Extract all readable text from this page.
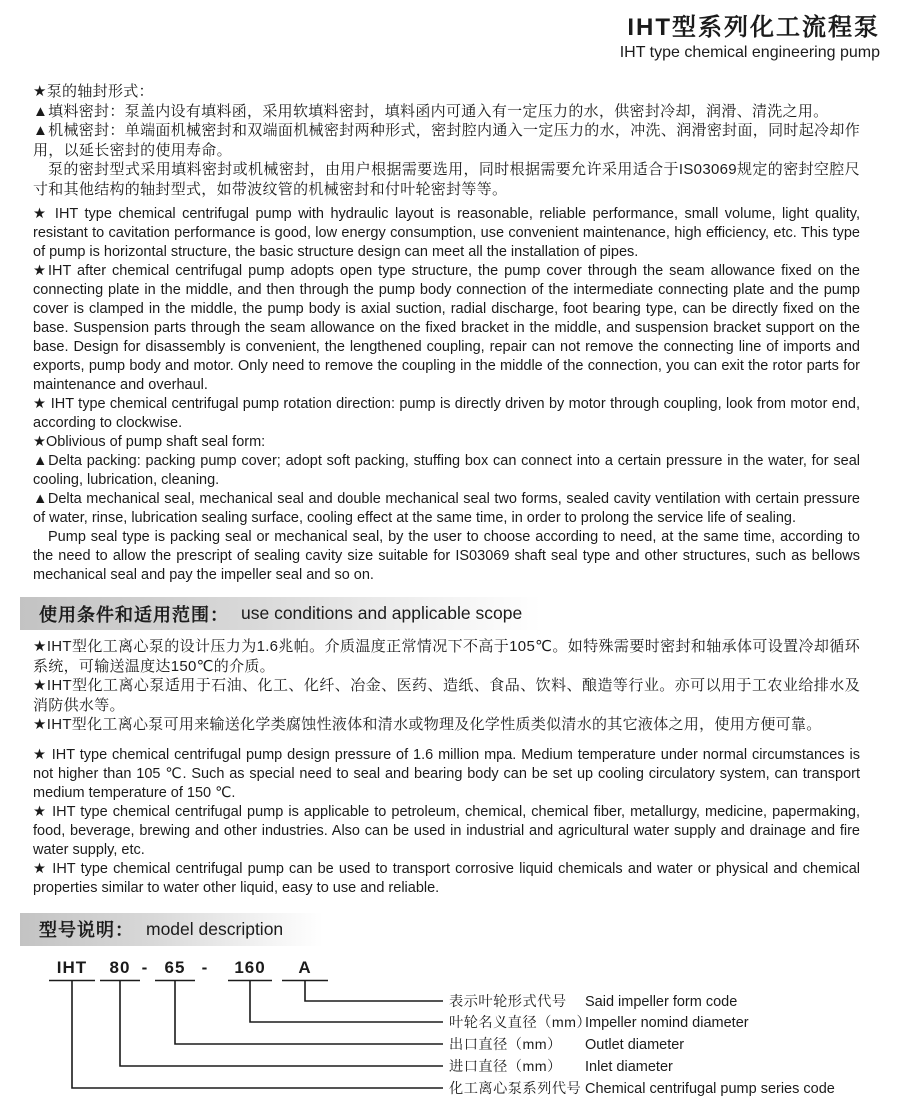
IHT型系列化工流程泵
IHT type chemical engineering pump

★泵的轴封形式：

▲填料密封：泵盖内设有填料函，采用软填料密封，填料函内可通入有一定压力的水，供密封冷却，润滑、清洗之用。

▲机械密封：单端面机械密封和双端面机械密封两种形式，密封腔内通入一定压力的水，冲洗、润滑密封面，同时起冷却作用，以延长密封的使用寿命。

泵的密封型式采用填料密封或机械密封，由用户根据需要选用，同时根据需要允许采用适合于IS03069规定的密封空腔尺寸和其他结构的轴封型式，如带波纹管的机械密封和付叶轮密封等等。

★ IHT type chemical centrifugal pump with hydraulic layout is reasonable, reliable performance, small volume, light quality, resistant to cavitation performance is good, low energy consumption, use convenient maintenance, high efficiency, etc. This type of pump is horizontal structure, the basic structure design can meet all the installation of pipes.

★IHT after chemical centrifugal pump adopts open type structure, the pump cover through the seam allowance fixed on the connecting plate in the middle, and then through the pump body connection of the intermediate connecting plate and the pump cover is clamped in the middle, the pump body is axial suction, radial discharge, foot bearing type, can be directly fixed on the base. Suspension parts through the seam allowance on the fixed bracket in the middle, and suspension bracket support on the base. Design for disassembly is convenient, the lengthened coupling, repair can not remove the connecting line of imports and exports, pump body and motor. Only need to remove the coupling in the middle of the connection, you can exit the rotor parts for maintenance and overhaul.

★ IHT type chemical centrifugal pump rotation direction: pump is directly driven by motor through coupling, look from motor end, according to clockwise.

★Oblivious of pump shaft seal form:

▲Delta packing: packing pump cover; adopt soft packing, stuffing box can connect into a certain pressure in the water, for seal cooling, lubrication, cleaning.

▲Delta mechanical seal, mechanical seal and double mechanical seal two forms, sealed cavity ventilation with certain pressure of water, rinse, lubrication sealing surface, cooling effect at the same time, in order to prolong the service life of sealing.

Pump seal type is packing seal or mechanical seal, by the user to choose according to need, at the same time, according to the need to allow the prescript of sealing cavity size suitable for IS03069 shaft seal type and other structures, such as bellows mechanical seal and pay the impeller seal and so on.

使用条件和适用范围： use conditions and applicable scope

★IHT型化工离心泵的设计压力为1.6兆帕。介质温度正常情况下不高于105℃。如特殊需要时密封和轴承体可设置冷却循环系统，可输送温度达150℃的介质。

★IHT型化工离心泵适用于石油、化工、化纤、冶金、医药、造纸、食品、饮料、酿造等行业。亦可以用于工农业给排水及消防供水等。

★IHT型化工离心泵可用来输送化学类腐蚀性液体和清水或物理及化学性质类似清水的其它液体之用，使用方便可靠。

★ IHT type chemical centrifugal pump design pressure of 1.6 million mpa. Medium temperature under normal circumstances is not higher than 105 ℃. Such as special need to seal and bearing body can be set up cooling circulatory system, can transport medium temperature of 150 ℃.

★ IHT type chemical centrifugal pump is applicable to petroleum, chemical, chemical fiber, metallurgy, medicine, papermaking, food, beverage, brewing and other industries. Also can be used in industrial and agricultural water supply and drainage and fire water supply, etc.

★ IHT type chemical centrifugal pump can be used to transport corrosive liquid chemicals and water or physical and chemical properties similar to water other liquid, easy to use and reliable.

型号说明： model description
IHT 80 - 65 - 160 A
表示叶轮形式代号 Said impeller form code
叶轮名义直径（mm）
Impeller nomind diameter
出口直径（mm） Outlet diameter
进口直径（mm） Inlet diameter
化工离心泵系列代号 Chemical centrifugal pump series code
